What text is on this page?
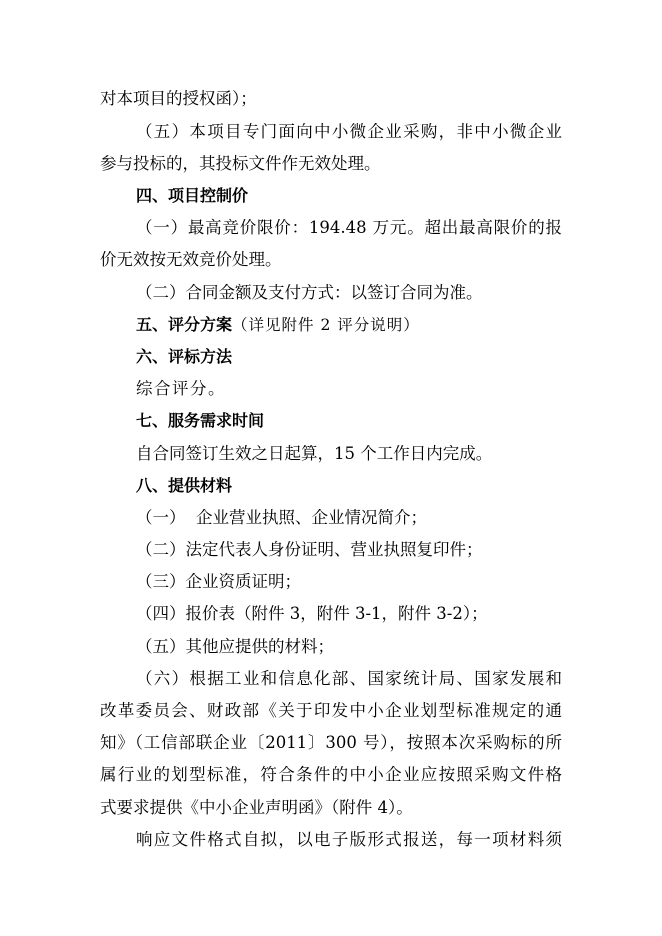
对本项目的授权函）；
（五）本项目专门面向中小微企业采购，非中小微企业
参与投标的，其投标文件作无效处理。
四、项目控制价
（一）最高竞价限价：194.48 万元。超出最高限价的报
价无效按无效竞价处理。
（二）合同金额及支付方式：以签订合同为准。
五、评分方案（详见附件 2 评分说明）
六、评标方法
综合评分。
七、服务需求时间
自合同签订生效之日起算，15 个工作日内完成。
八、提供材料
（一）  企业营业执照、企业情况简介；
（二）法定代表人身份证明、营业执照复印件；
（三）企业资质证明；
（四）报价表（附件 3，附件 3-1，附件 3-2）；
（五）其他应提供的材料；
（六）根据工业和信息化部、国家统计局、国家发展和
改革委员会、财政部《关于印发中小企业划型标准规定的通
知》（工信部联企业〔2011〕300 号），按照本次采购标的所
属行业的划型标准，符合条件的中小企业应按照采购文件格
式要求提供《中小企业声明函》（附件 4）。
响应文件格式自拟，以电子版形式报送，每一项材料须
